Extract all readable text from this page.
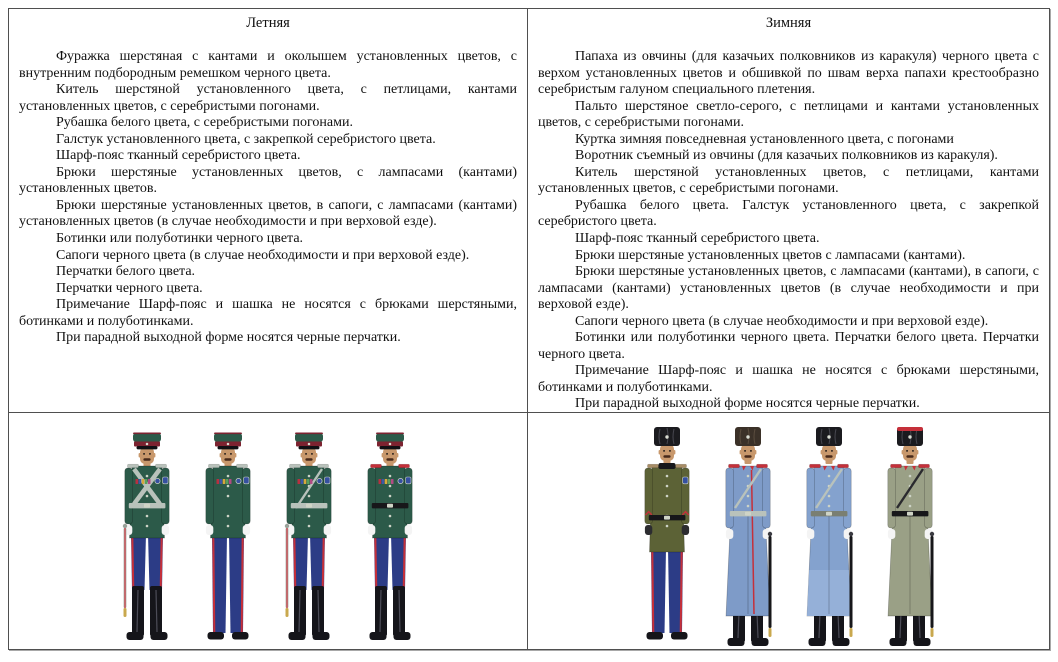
Летняя

Фуражка шерстяная с кантами и околышем установленных цветов, с внутренним подбородным ремешком черного цвета.

Китель шерстяной установленного цвета, с петлицами, кантами установленных цветов, с серебристыми погонами.

Рубашка белого цвета, с серебристыми погонами.

Галстук установленного цвета, с закрепкой серебристого цвета.

Шарф-пояс тканный серебристого цвета.

Брюки шерстяные установленных цветов, с лампасами (кантами) установленных цветов.

Брюки шерстяные установленных цветов, в сапоги, с лампасами (кантами) установленных цветов (в случае необходимости и при верховой езде).

Ботинки или полуботинки черного цвета.

Сапоги черного цвета (в случае необходимости и при верховой езде).

Перчатки белого цвета.

Перчатки черного цвета.

Примечание Шарф-пояс и шашка не носятся с брюками шерстяными, ботинками и полуботинками.

При парадной выходной форме носятся черные перчатки.

Зимняя

Папаха из овчины (для казачьих полковников из каракуля) черного цвета с верхом установленных цветов и обшивкой по швам верха папахи крестообразно серебристым галуном специального плетения.

Пальто шерстяное светло-серого, с петлицами и кантами установленных цветов, с серебристыми погонами.

Куртка зимняя повседневная установленного цвета, с погонами

Воротник съемный из овчины (для казачьих полковников из каракуля).

Китель шерстяной установленных цветов, с петлицами, кантами установленных цветов, с серебристыми погонами.

Рубашка белого цвета. Галстук установленного цвета, с закрепкой серебристого цвета.

Шарф-пояс тканный серебристого цвета.

Брюки шерстяные установленных цветов с лампасами (кантами).

Брюки шерстяные установленных цветов, с лампасами (кантами), в сапоги, с лампасами (кантами) установленных цветов (в случае необходимости и при верховой езде).

Сапоги черного цвета (в случае необходимости и при верховой езде).

Ботинки или полуботинки черного цвета. Перчатки белого цвета. Перчатки черного цвета.

Примечание Шарф-пояс и шашка не носятся с брюками шерстяными, ботинками и полуботинками.

При парадной выходной форме носятся черные перчатки.
